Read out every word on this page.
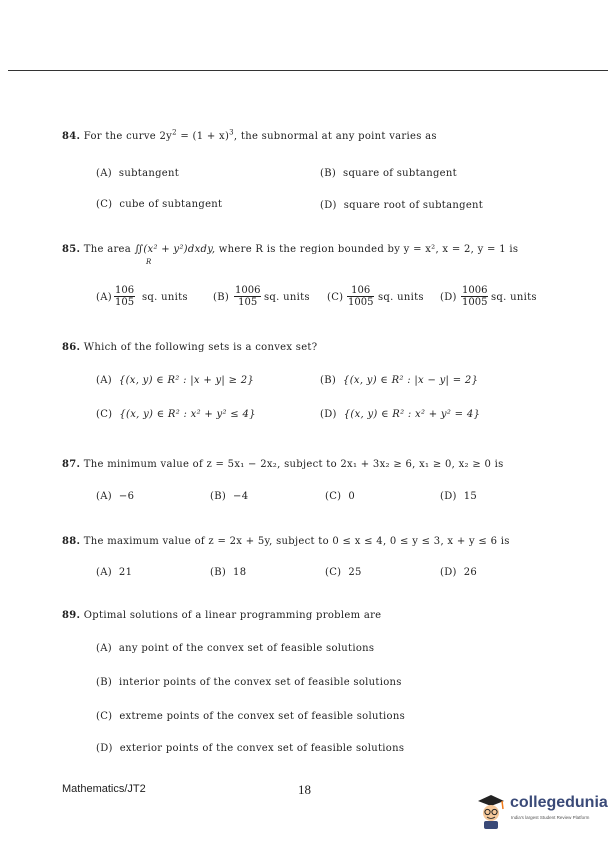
84. For the curve $2y^2 = (1 + x)^3$, the subnormal at any point varies as
(A) subtangent	(B) square of subtangent
(C) cube of subtangent	(D) square root of subtangent
85. The area ∬(x² + y²)dxdy, where R is the region bounded by y = x², x = 2, y = 1 is
R
$(A) \frac{106}{105}$ sq. units	$(B) \frac{1006}{105}$ sq. units $(C) \frac{106}{1005}$ sq. units $(D) \frac{1006}{1005}$ sq. units
86. Which of the following sets is a convex set?
(A) {(x, y) ∈ R² : |x + y| ≥ 2}	(B) {(x, y) ∈ R² : |x − y| = 2}
(C) {(x, y) ∈ R² : x² + y² ≤ 4}	(D) {(x, y) ∈ R² : x² + y² = 4}
87. The minimum value of z = 5x₁ − 2x₂, subject to 2x₁ + 3x₂ ≥ 6, x₁ ≥ 0, x₂ ≥ 0 is
(A) −6	(B) −4	(C) 0	(D) 15
88. The maximum value of z = 2x + 5y, subject to 0 ≤ x ≤ 4, 0 ≤ y ≤ 3, x + y ≤ 6 is
(A) 21	(B) 18	(C) 25	(D) 26
89. Optimal solutions of a linear programming problem are
(A) any point of the convex set of feasible solutions
(B) interior points of the convex set of feasible solutions
(C) extreme points of the convex set of feasible solutions
(D) exterior points of the convex set of feasible solutions
Mathematics/JT2	18
collegedunia
India's largest Student Review Platform
